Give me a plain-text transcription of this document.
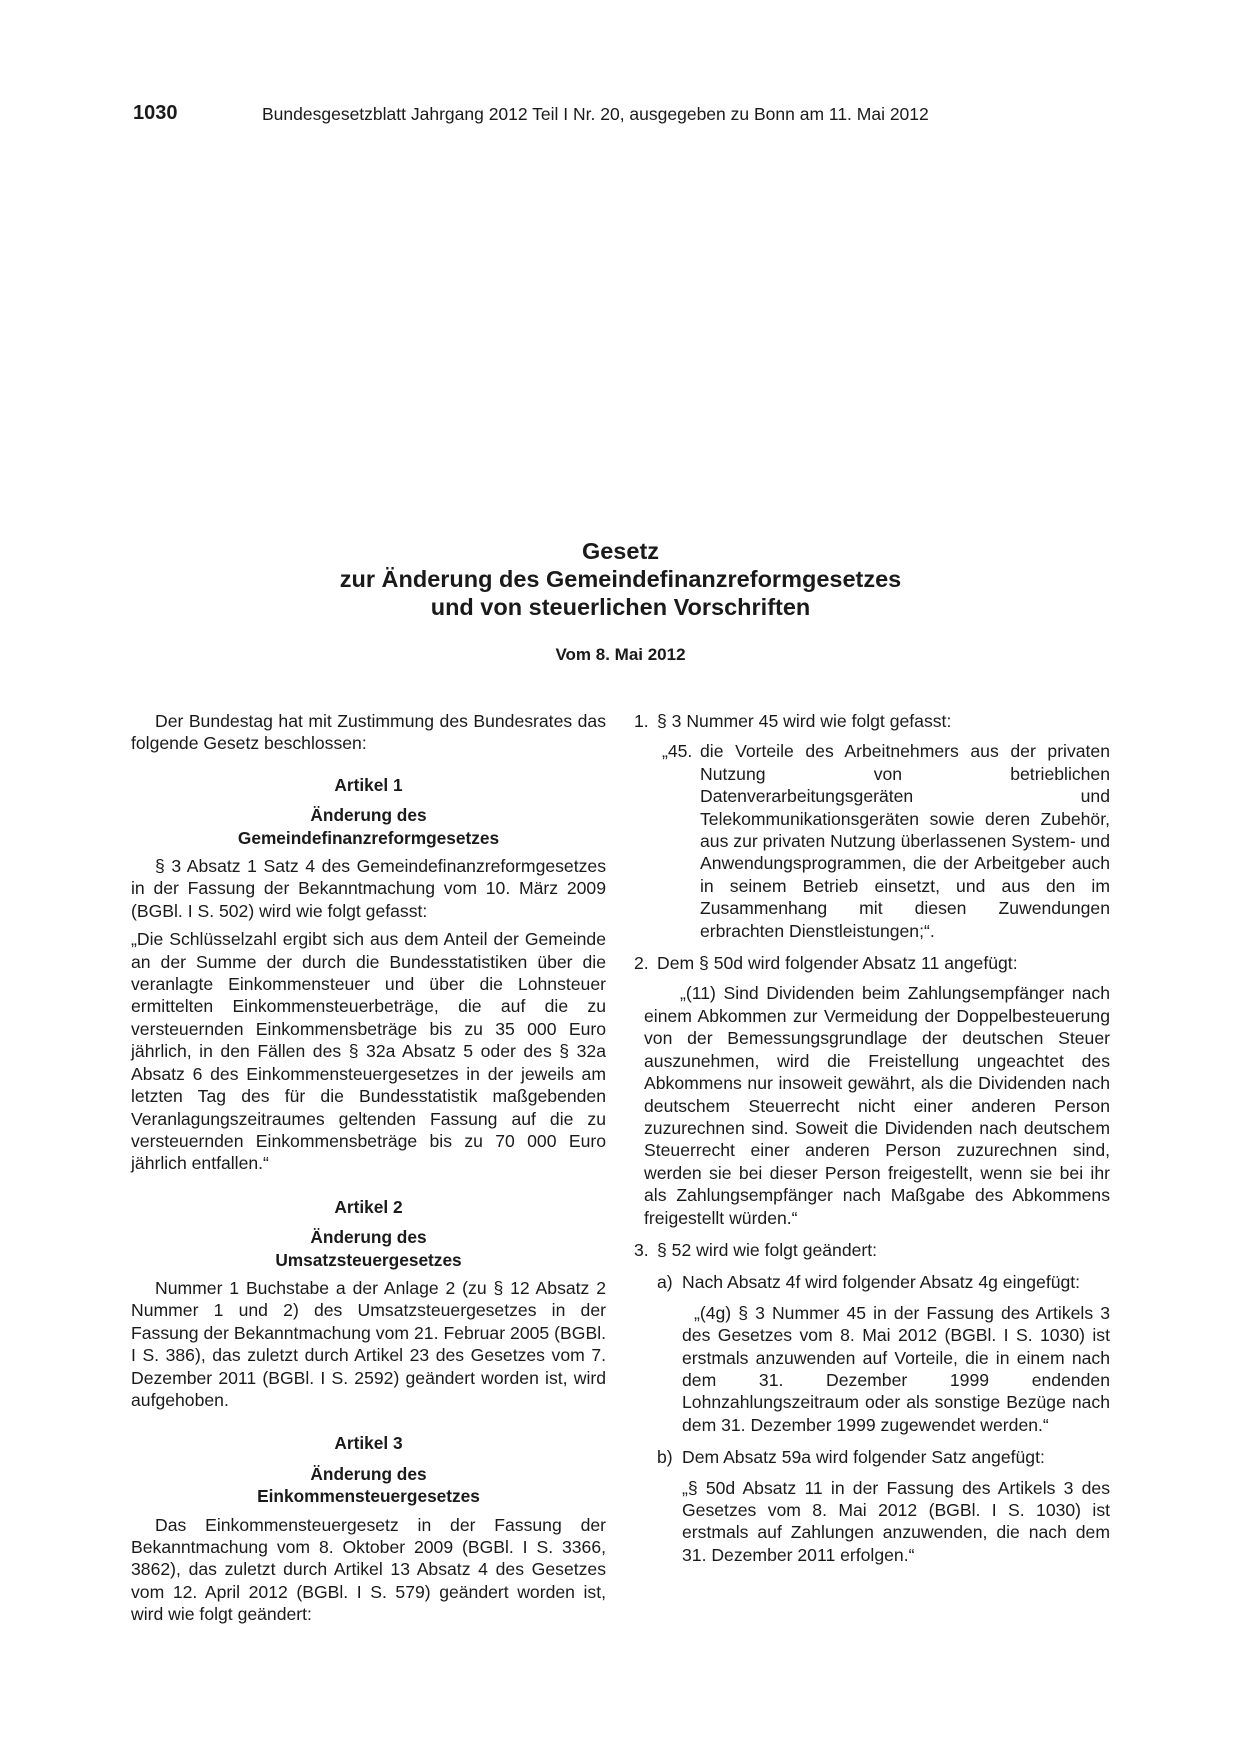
1030	Bundesgesetzblatt Jahrgang 2012 Teil I Nr. 20, ausgegeben zu Bonn am 11. Mai 2012
Gesetz
zur Änderung des Gemeindefinanzreformgesetzes
und von steuerlichen Vorschriften
Vom 8. Mai 2012

Der Bundestag hat mit Zustimmung des Bundesrates das folgende Gesetz beschlossen:

Artikel 1
Änderung des
Gemeindefinanzreformgesetzes

§ 3 Absatz 1 Satz 4 des Gemeindefinanzreformgesetzes in der Fassung der Bekanntmachung vom 10. März 2009 (BGBl. I S. 502) wird wie folgt gefasst:

„Die Schlüsselzahl ergibt sich aus dem Anteil der Gemeinde an der Summe der durch die Bundesstatistiken über die veranlagte Einkommensteuer und über die Lohnsteuer ermittelten Einkommensteuerbeträge, die auf die zu versteuernden Einkommensbeträge bis zu 35 000 Euro jährlich, in den Fällen des § 32a Absatz 5 oder des § 32a Absatz 6 des Einkommensteuergesetzes in der jeweils am letzten Tag des für die Bundesstatistik maßgebenden Veranlagungszeitraumes geltenden Fassung auf die zu versteuernden Einkommensbeträge bis zu 70 000 Euro jährlich entfallen.“

Artikel 2
Änderung des
Umsatzsteuergesetzes

Nummer 1 Buchstabe a der Anlage 2 (zu § 12 Absatz 2 Nummer 1 und 2) des Umsatzsteuergesetzes in der Fassung der Bekanntmachung vom 21. Februar 2005 (BGBl. I S. 386), das zuletzt durch Artikel 23 des Gesetzes vom 7. Dezember 2011 (BGBl. I S. 2592) geändert worden ist, wird aufgehoben.

Artikel 3
Änderung des
Einkommensteuergesetzes

Das Einkommensteuergesetz in der Fassung der Bekanntmachung vom 8. Oktober 2009 (BGBl. I S. 3366, 3862), das zuletzt durch Artikel 13 Absatz 4 des Gesetzes vom 12. April 2012 (BGBl. I S. 579) geändert worden ist, wird wie folgt geändert:

1. § 3 Nummer 45 wird wie folgt gefasst:

„45. die Vorteile des Arbeitnehmers aus der privaten Nutzung von betrieblichen Datenverarbeitungsgeräten und Telekommunikationsgeräten sowie deren Zubehör, aus zur privaten Nutzung überlassenen System- und Anwendungsprogrammen, die der Arbeitgeber auch in seinem Betrieb einsetzt, und aus den im Zusammenhang mit diesen Zuwendungen erbrachten Dienstleistungen;“.

2. Dem § 50d wird folgender Absatz 11 angefügt:

„(11) Sind Dividenden beim Zahlungsempfänger nach einem Abkommen zur Vermeidung der Doppelbesteuerung von der Bemessungsgrundlage der deutschen Steuer auszunehmen, wird die Freistellung ungeachtet des Abkommens nur insoweit gewährt, als die Dividenden nach deutschem Steuerrecht nicht einer anderen Person zuzurechnen sind. Soweit die Dividenden nach deutschem Steuerrecht einer anderen Person zuzurechnen sind, werden sie bei dieser Person freigestellt, wenn sie bei ihr als Zahlungsempfänger nach Maßgabe des Abkommens freigestellt würden.“

3. § 52 wird wie folgt geändert:

a) Nach Absatz 4f wird folgender Absatz 4g eingefügt:

„(4g) § 3 Nummer 45 in der Fassung des Artikels 3 des Gesetzes vom 8. Mai 2012 (BGBl. I S. 1030) ist erstmals anzuwenden auf Vorteile, die in einem nach dem 31. Dezember 1999 endenden Lohnzahlungszeitraum oder als sonstige Bezüge nach dem 31. Dezember 1999 zugewendet werden.“

b) Dem Absatz 59a wird folgender Satz angefügt:

„§ 50d Absatz 11 in der Fassung des Artikels 3 des Gesetzes vom 8. Mai 2012 (BGBl. I S. 1030) ist erstmals auf Zahlungen anzuwenden, die nach dem 31. Dezember 2011 erfolgen.“
